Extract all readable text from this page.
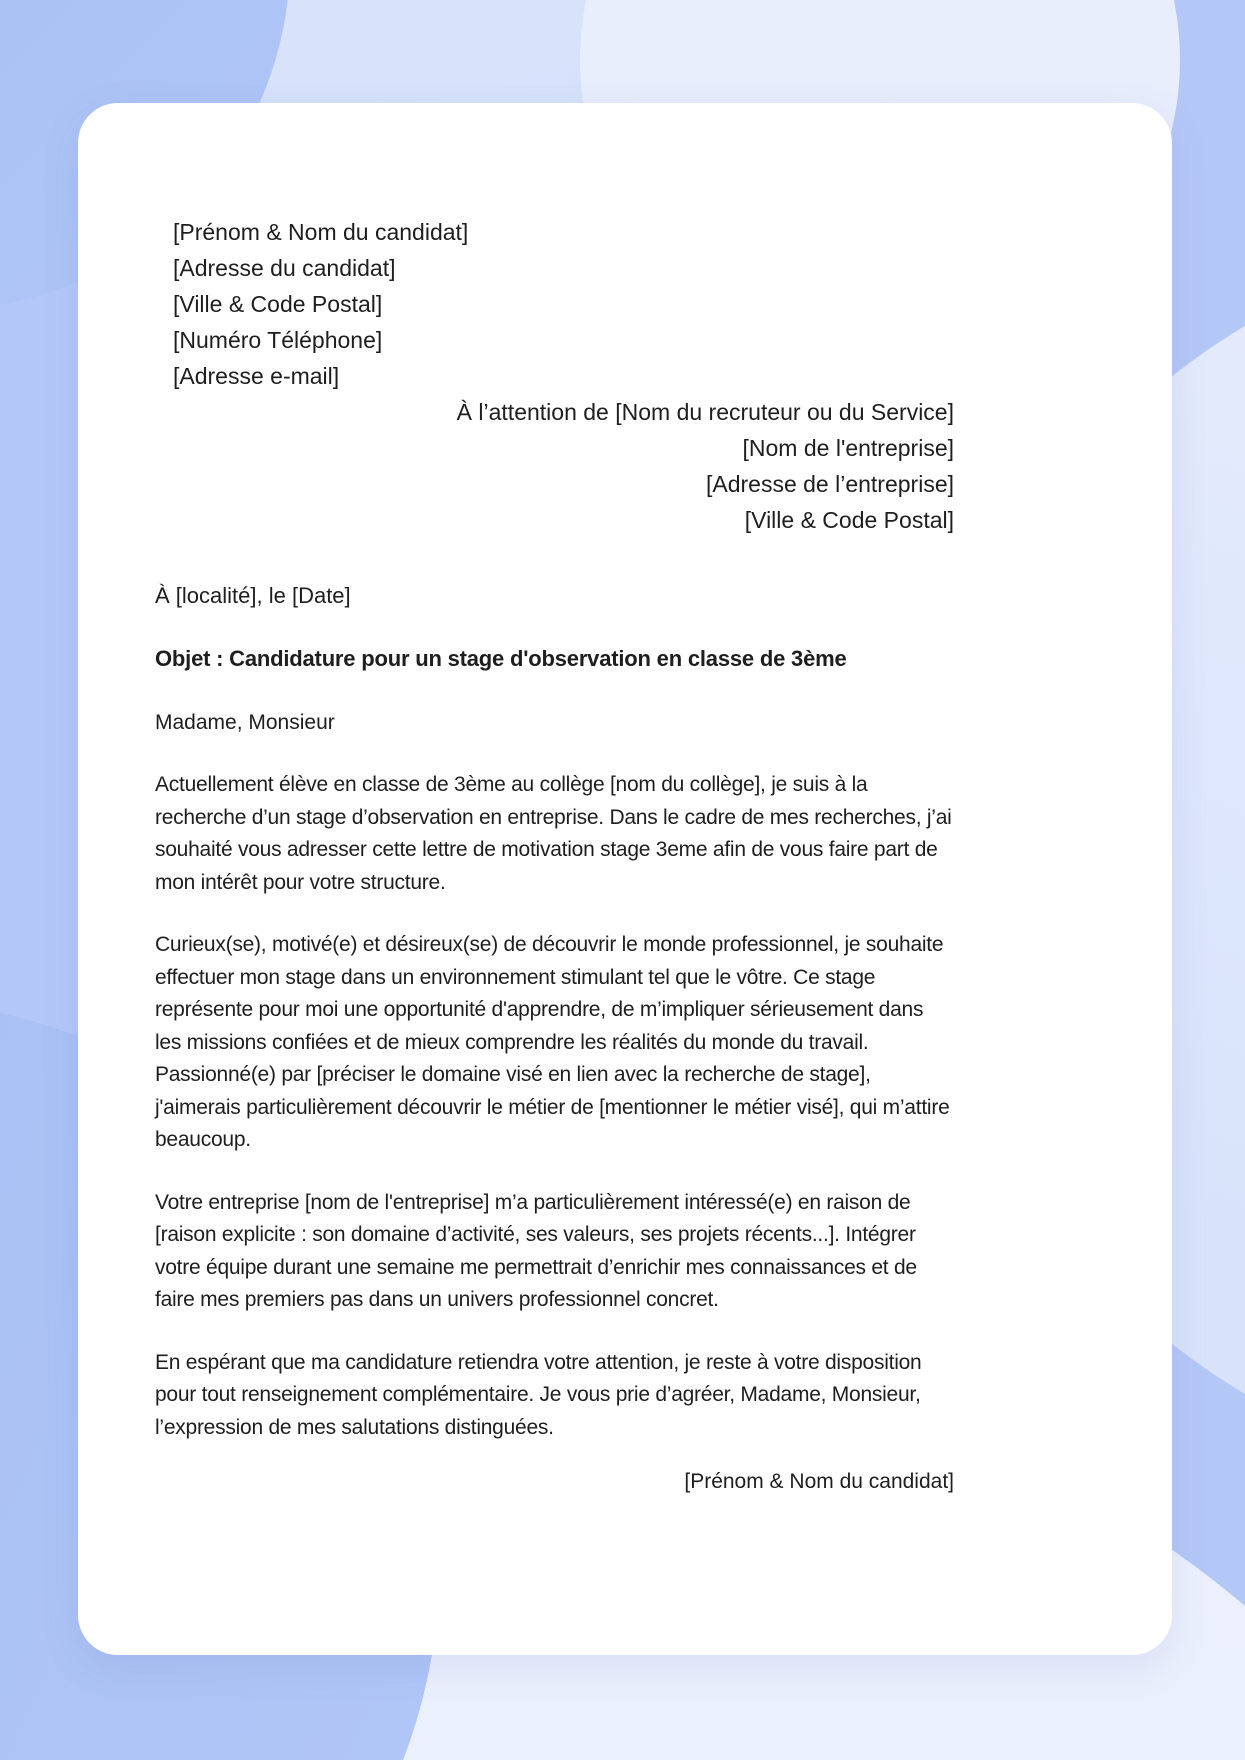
[Prénom & Nom du candidat]
[Adresse du candidat]
[Ville & Code Postal]
[Numéro Téléphone]
[Adresse e-mail]
À l’attention de [Nom du recruteur ou du Service]
[Nom de l'entreprise]
[Adresse de l’entreprise]
[Ville & Code Postal]
À [localité], le [Date]
Objet : Candidature pour un stage d'observation en classe de 3ème
Madame, Monsieur

Actuellement élève en classe de 3ème au collège [nom du collège], je suis à la recherche d’un stage d’observation en entreprise. Dans le cadre de mes recherches, j’ai souhaité vous adresser cette lettre de motivation stage 3eme afin de vous faire part de mon intérêt pour votre structure.

Curieux(se), motivé(e) et désireux(se) de découvrir le monde professionnel, je souhaite effectuer mon stage dans un environnement stimulant tel que le vôtre. Ce stage représente pour moi une opportunité d'apprendre, de m’impliquer sérieusement dans les missions confiées et de mieux comprendre les réalités du monde du travail. Passionné(e) par [préciser le domaine visé en lien avec la recherche de stage], j'aimerais particulièrement découvrir le métier de [mentionner le métier visé], qui m’attire beaucoup.

Votre entreprise [nom de l'entreprise] m’a particulièrement intéressé(e) en raison de [raison explicite : son domaine d’activité, ses valeurs, ses projets récents...]. Intégrer votre équipe durant une semaine me permettrait d’enrichir mes connaissances et de faire mes premiers pas dans un univers professionnel concret.

En espérant que ma candidature retiendra votre attention, je reste à votre disposition pour tout renseignement complémentaire. Je vous prie d’agréer, Madame, Monsieur, l’expression de mes salutations distinguées.

[Prénom & Nom du candidat]
